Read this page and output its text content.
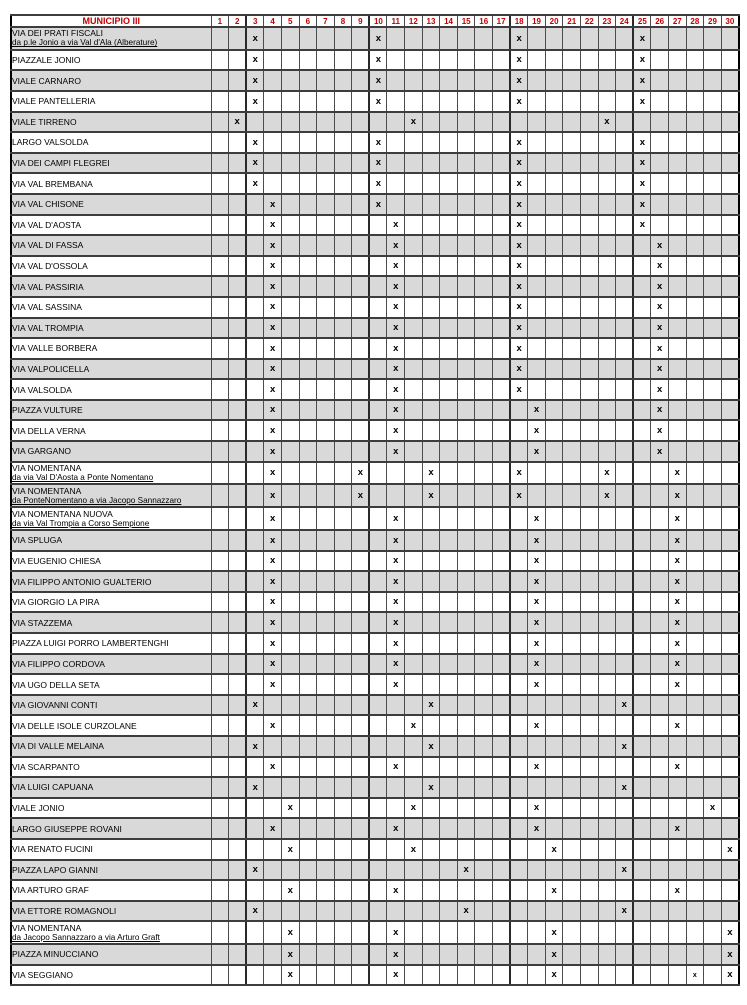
MUNICIPIO III	1	2	3	4	5	6	7	8	9	10	11	12	13	14	15	16	17	18	19	20	21	22	23	24	25	26	27	28	29	30
VIA DEI PRATI FISCALI
da p.le Jonio a via Val d'Ala (Alberature)			x							x								x							x					
PIAZZALE JONIO			x							x								x							x					
VIALE CARNARO			x							x								x							x					
VIALE PANTELLERIA			x							x								x							x					
VIALE TIRRENO		x										x											x							
LARGO VALSOLDA			x							x								x							x					
VIA DEI CAMPI FLEGREI			x							x								x							x					
VIA VAL BREMBANA			x							x								x							x					
VIA VAL CHISONE				x						x								x							x					
VIA VAL D'AOSTA				x							x							x							x					
VIA VAL DI FASSA				x							x							x								x				
VIA VAL D'OSSOLA				x							x							x								x				
VIA VAL PASSIRIA				x							x							x								x				
VIA VAL SASSINA				x							x							x								x				
VIA VAL TROMPIA				x							x							x								x				
VIA VALLE BORBERA				x							x							x								x				
VIA VALPOLICELLA				x							x							x								x				
VIA VALSOLDA				x							x							x								x				
PIAZZA VULTURE				x							x								x							x				
VIA DELLA VERNA				x							x								x							x				
VIA GARGANO				x							x								x							x				
VIA NOMENTANA
da via Val D'Aosta a Ponte Nomentano				x					x				x					x					x				x			
VIA NOMENTANA
da PonteNomentano a via Jacopo Sannazzaro				x					x				x					x					x				x			
VIA NOMENTANA NUOVA
da via Val Trompia a Corso Sempione				x							x								x								x			
VIA SPLUGA				x							x								x								x			
VIA EUGENIO CHIESA				x							x								x								x			
VIA FILIPPO ANTONIO GUALTERIO				x							x								x								x			
VIA GIORGIO LA PIRA				x							x								x								x			
VIA STAZZEMA				x							x								x								x			
PIAZZA LUIGI PORRO LAMBERTENGHI				x							x								x								x			
VIA FILIPPO CORDOVA				x							x								x								x			
VIA UGO DELLA SETA				x							x								x								x			
VIA GIOVANNI CONTI			x										x											x						
VIA DELLE ISOLE CURZOLANE				x								x							x								x			
VIA DI VALLE MELAINA			x										x											x						
VIA SCARPANTO				x							x								x								x			
VIA LUIGI CAPUANA			x										x											x						
VIALE JONIO					x							x							x										x	
LARGO GIUSEPPE ROVANI				x							x								x								x			
VIA RENATO FUCINI					x							x								x										x
PIAZZA LAPO GIANNI			x												x									x						
VIA ARTURO GRAF					x						x									x							x			
VIA ETTORE ROMAGNOLI			x												x									x						
VIA NOMENTANA
da Jacopo Sannazzaro a via Arturo Graft					x						x									x										x
PIAZZA MINUCCIANO					x						x									x										x
VIA SEGGIANO					x						x									x								x		x
